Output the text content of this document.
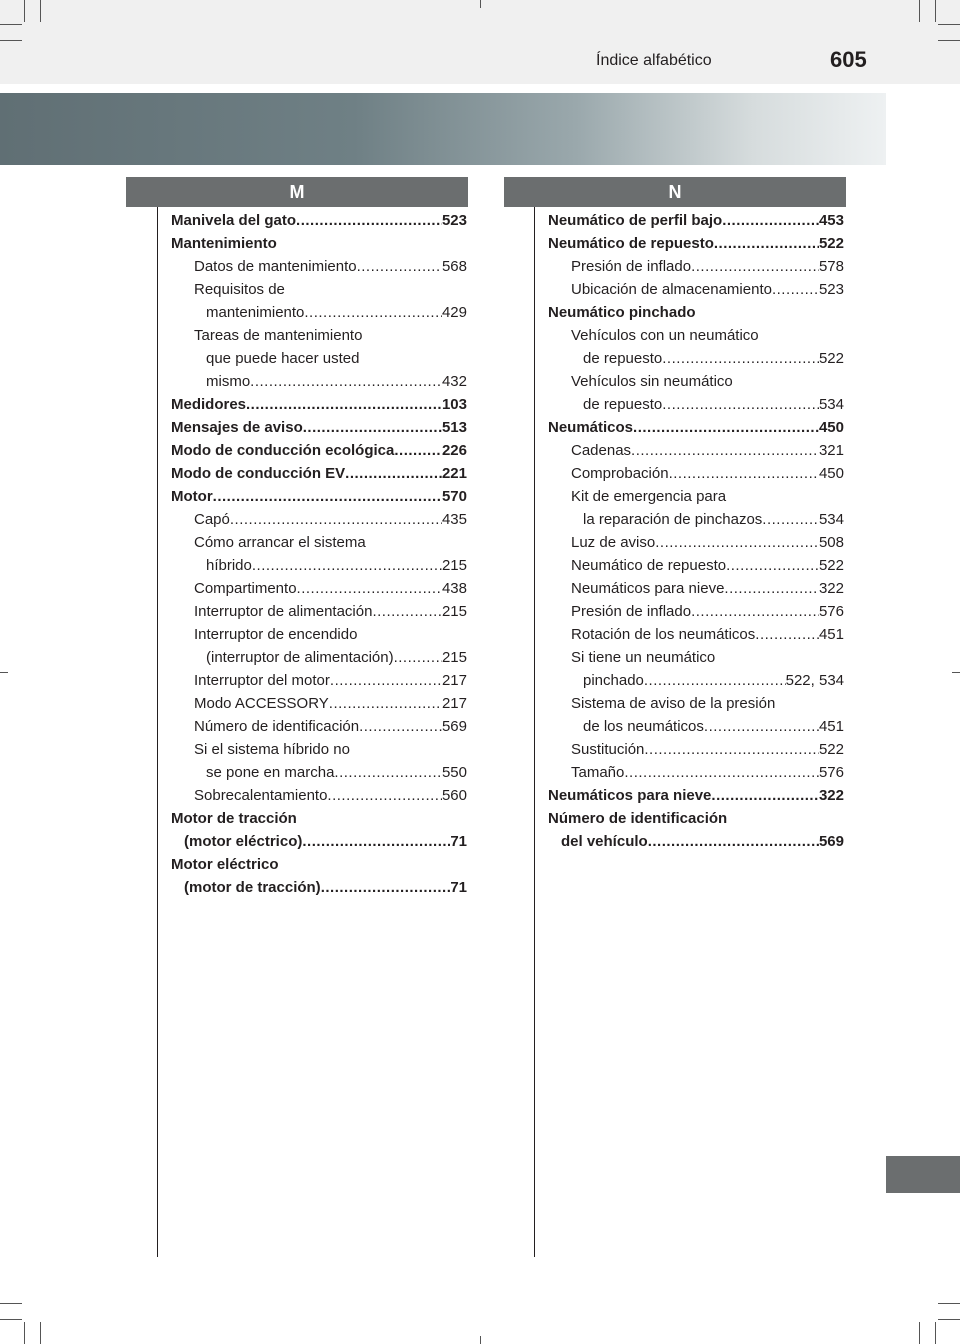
Índice alfabético	605
M	N
Manivela del gato .....	523
Mantenimiento
Datos de mantenimiento .....	568
Requisitos de
mantenimiento .....	429
Tareas de mantenimiento
que puede hacer usted
mismo .....	432
Medidores .....	103
Mensajes de aviso .....	513
Modo de conducción ecológica .....	226
Modo de conducción EV .....	221
Motor .....	570
Capó .....	435
Cómo arrancar el sistema
híbrido .....	215
Compartimento .....	438
Interruptor de alimentación .....	215
Interruptor de encendido
(interruptor de alimentación) .....	215
Interruptor del motor .....	217
Modo ACCESSORY .....	217
Número de identificación .....	569
Si el sistema híbrido no
se pone en marcha .....	550
Sobrecalentamiento .....	560
Motor de tracción
(motor eléctrico) .....	71
Motor eléctrico
(motor de tracción) .....	71
Neumático de perfil bajo .....	453
Neumático de repuesto .....	522
Presión de inflado .....	578
Ubicación de almacenamiento .....	523
Neumático pinchado
Vehículos con un neumático
de repuesto .....	522
Vehículos sin neumático
de repuesto .....	534
Neumáticos .....	450
Cadenas .....	321
Comprobación .....	450
Kit de emergencia para
la reparación de pinchazos .....	534
Luz de aviso .....	508
Neumático de repuesto .....	522
Neumáticos para nieve .....	322
Presión de inflado .....	576
Rotación de los neumáticos .....	451
Si tiene un neumático
pinchado .....	522, 534
Sistema de aviso de la presión
de los neumáticos .....	451
Sustitución .....	522
Tamaño .....	576
Neumáticos para nieve .....	322
Número de identificación
del vehículo .....	569
